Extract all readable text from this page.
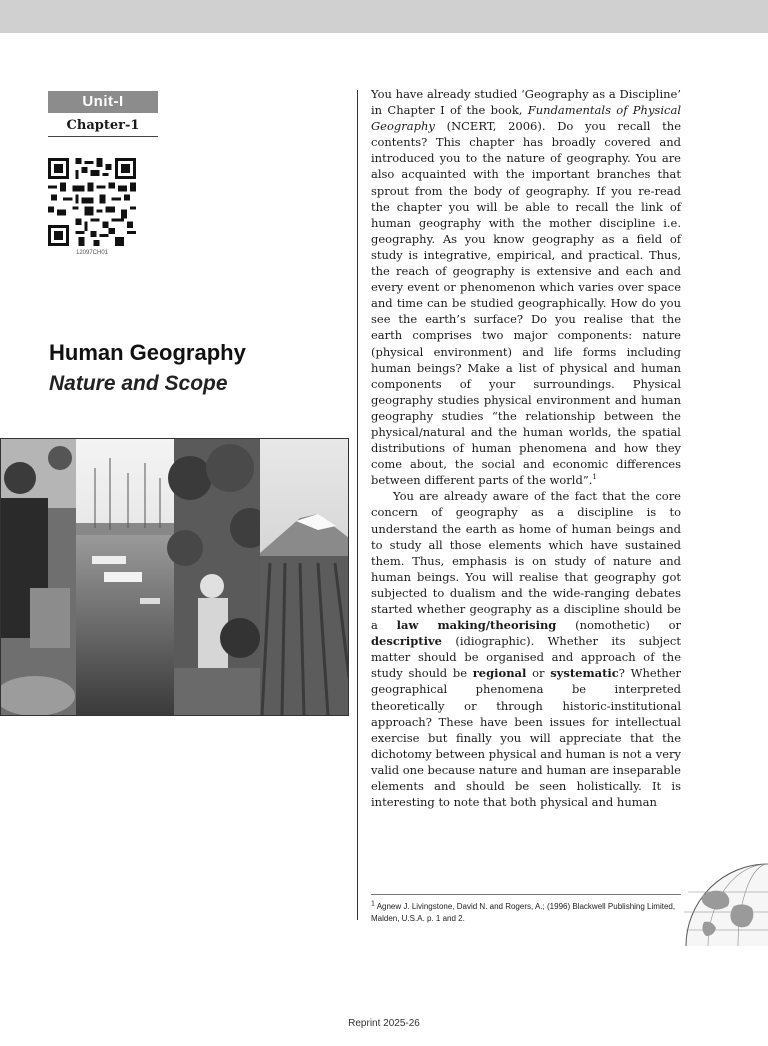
Unit-I
Chapter-1
12097CH01
Human Geography
Nature and Scope

You have already studied ‘Geography as a Discipline’ in Chapter I of the book, Fundamentals of Physical Geography (NCERT, 2006). Do you recall the contents? This chapter has broadly covered and introduced you to the nature of geography. You are also acquainted with the important branches that sprout from the body of geography. If you re-read the chapter you will be able to recall the link of human geography with the mother discipline i.e. geography. As you know geography as a field of study is integrative, empirical, and practical. Thus, the reach of geography is extensive and each and every event or phenomenon which varies over space and time can be studied geographically. How do you see the earth’s surface? Do you realise that the earth comprises two major components: nature (physical environment) and life forms including human beings? Make a list of physical and human components of your surroundings. Physical geography studies physical environment and human geography studies “the relationship between the physical/natural and the human worlds, the spatial distributions of human phenomena and how they come about, the social and economic differences between different parts of the world”.$^1$

You are already aware of the fact that the core concern of geography as a discipline is to understand the earth as home of human beings and to study all those elements which have sustained them. Thus, emphasis is on study of nature and human beings. You will realise that geography got subjected to dualism and the wide-ranging debates started whether geography as a discipline should be a law making/theorising (nomothetic) or descriptive (idiographic). Whether its subject matter should be organised and approach of the study should be regional or systematic? Whether geographical phenomena be interpreted theoretically or through historic-institutional approach? These have been issues for intellectual exercise but finally you will appreciate that the dichotomy between physical and human is not a very valid one because nature and human are inseparable elements and should be seen holistically. It is interesting to note that both physical and human

$^1$ Agnew J. Livingstone, David N. and Rogers, A.; (1996) Blackwell Publishing Limited, Malden, U.S.A. p. 1 and 2.
Reprint 2025-26
